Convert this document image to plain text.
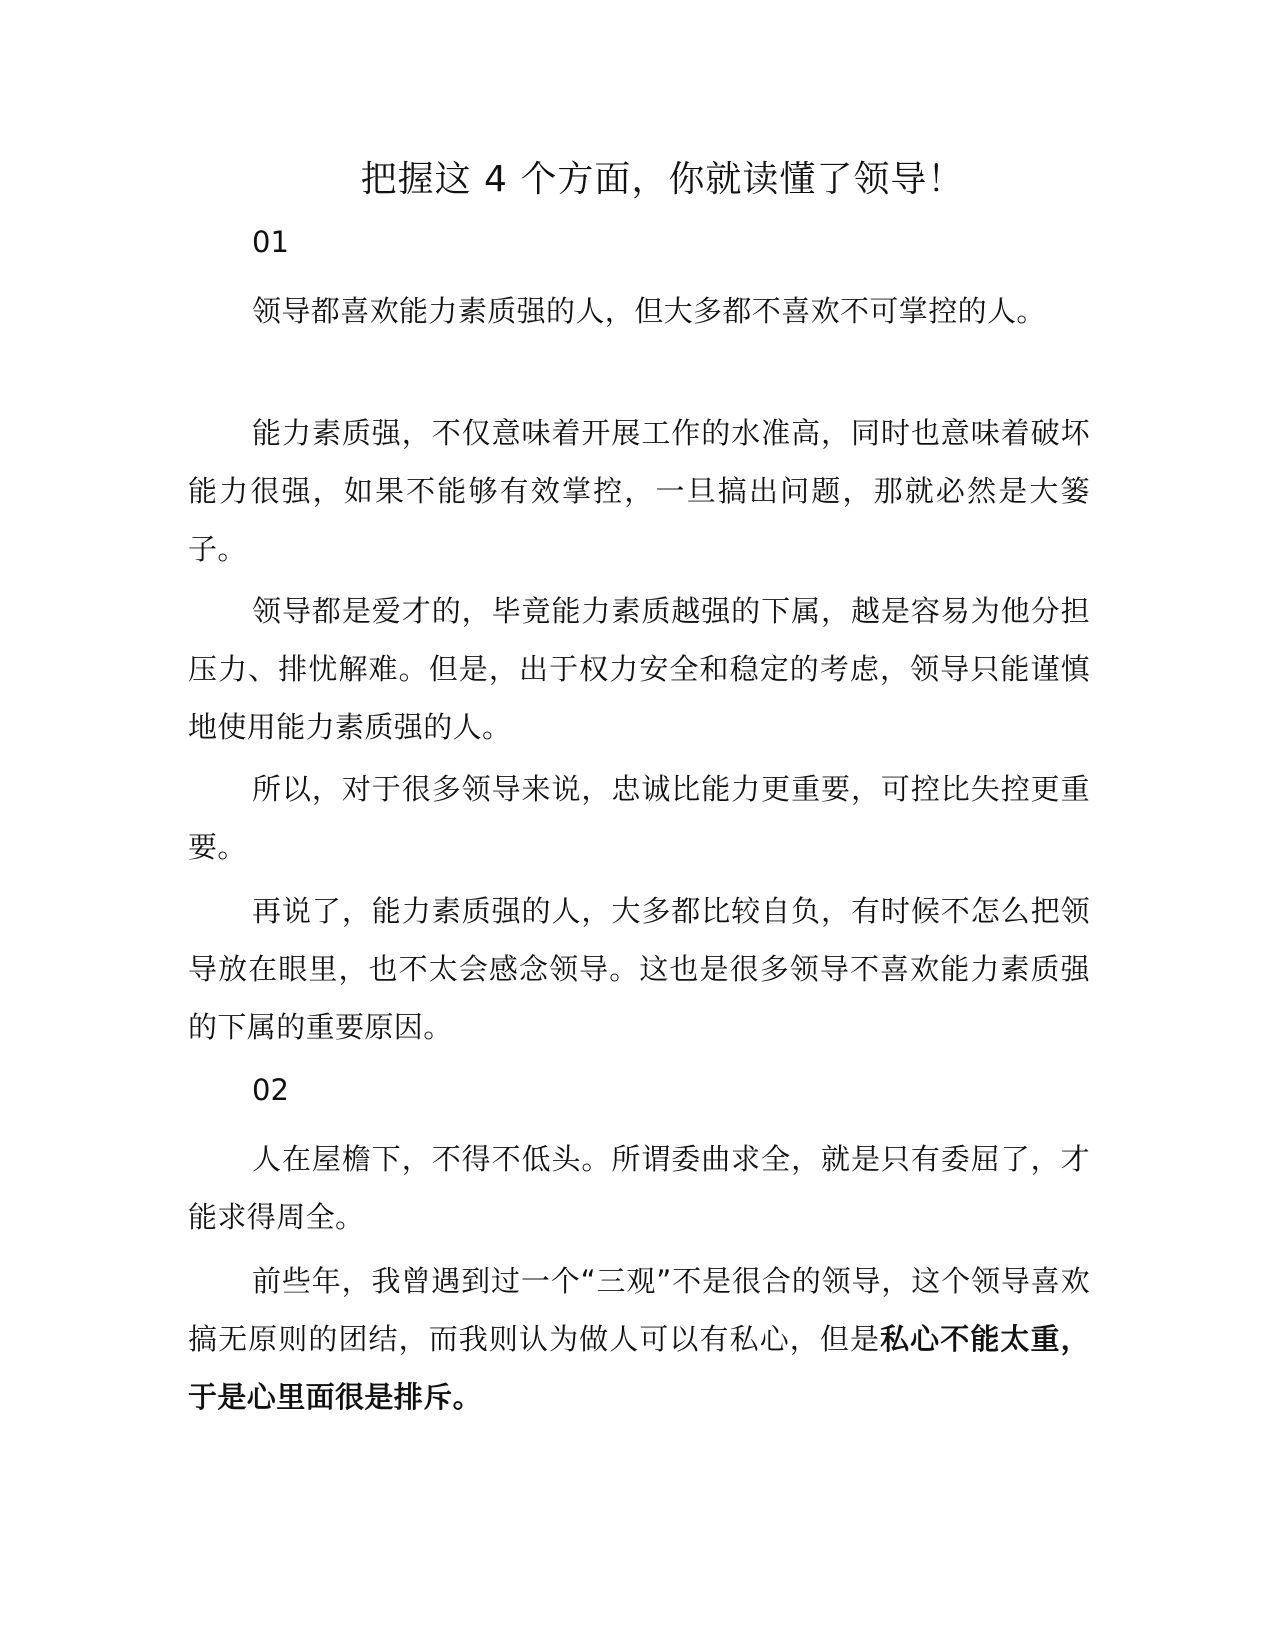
把握这 4 个方面，你就读懂了领导！

01

领导都喜欢能力素质强的人，但大多都不喜欢不可掌控的人。

能力素质强，不仅意味着开展工作的水准高，同时也意味着破坏能力很强，如果不能够有效掌控，一旦搞出问题，那就必然是大篓子。

领导都是爱才的，毕竟能力素质越强的下属，越是容易为他分担压力、排忧解难。但是，出于权力安全和稳定的考虑，领导只能谨慎地使用能力素质强的人。

所以，对于很多领导来说，忠诚比能力更重要，可控比失控更重要。

再说了，能力素质强的人，大多都比较自负，有时候不怎么把领导放在眼里，也不太会感念领导。这也是很多领导不喜欢能力素质强的下属的重要原因。

02

人在屋檐下，不得不低头。所谓委曲求全，就是只有委屈了，才能求得周全。

前些年，我曾遇到过一个“三观”不是很合的领导，这个领导喜欢搞无原则的团结，而我则认为做人可以有私心，但是私心不能太重，于是心里面很是排斥。
